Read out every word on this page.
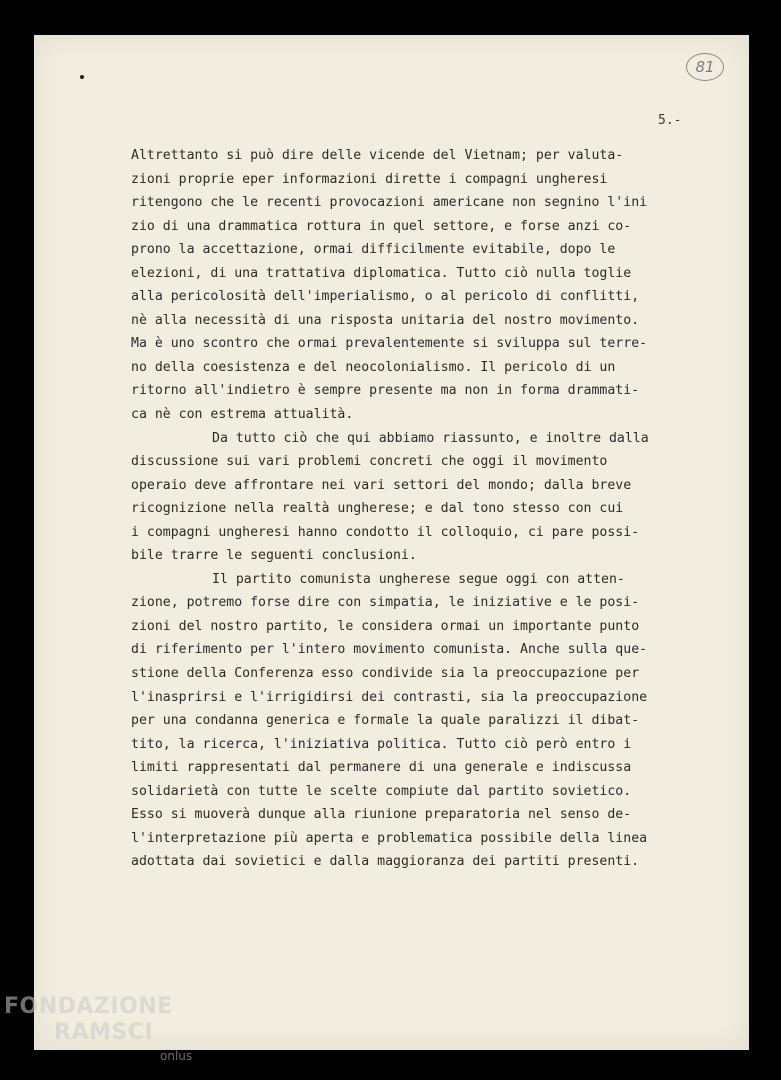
81
5.-
Altrettanto si può dire delle vicende del Vietnam; per valuta-
zioni proprie eper informazioni dirette i compagni ungheresi
ritengono che le recenti provocazioni americane non segnino l'ini
zio di una drammatica rottura in quel settore, e forse anzi co-
prono la accettazione, ormai difficilmente evitabile, dopo le
elezioni, di una trattativa diplomatica. Tutto ciò nulla toglie
alla pericolosità dell'imperialismo, o al pericolo di conflitti,
nè alla necessità di una risposta unitaria del nostro movimento.
Ma è uno scontro che ormai prevalentemente si sviluppa sul terre-
no della coesistenza e del neocolonialismo. Il pericolo di un
ritorno all'indietro è sempre presente ma non in forma drammati-
ca nè con estrema attualità.
Da tutto ciò che qui abbiamo riassunto, e inoltre dalla
discussione sui vari problemi concreti che oggi il movimento
operaio deve affrontare nei vari settori del mondo; dalla breve
ricognizione nella realtà ungherese; e dal tono stesso con cui
i compagni ungheresi hanno condotto il colloquio, ci pare possi-
bile trarre le seguenti conclusioni.
Il partito comunista ungherese segue oggi con atten-
zione, potremo forse dire con simpatia, le iniziative e le posi-
zioni del nostro partito, le considera ormai un importante punto
di riferimento per l'intero movimento comunista. Anche sulla que-
stione della Conferenza esso condivide sia la preoccupazione per
l'inasprirsi e l'irrigidirsi dei contrasti, sia la preoccupazione
per una condanna generica e formale la quale paralizzi il dibat-
tito, la ricerca, l'iniziativa politica. Tutto ciò però entro i
limiti rappresentati dal permanere di una generale e indiscussa
solidarietà con tutte le scelte compiute dal partito sovietico.
Esso si muoverà dunque alla riunione preparatoria nel senso de-
l'interpretazione più aperta e problematica possibile della linea
adottata dai sovietici e dalla maggioranza dei partiti presenti.
FONDAZIONE
RAMSCI
onlus
